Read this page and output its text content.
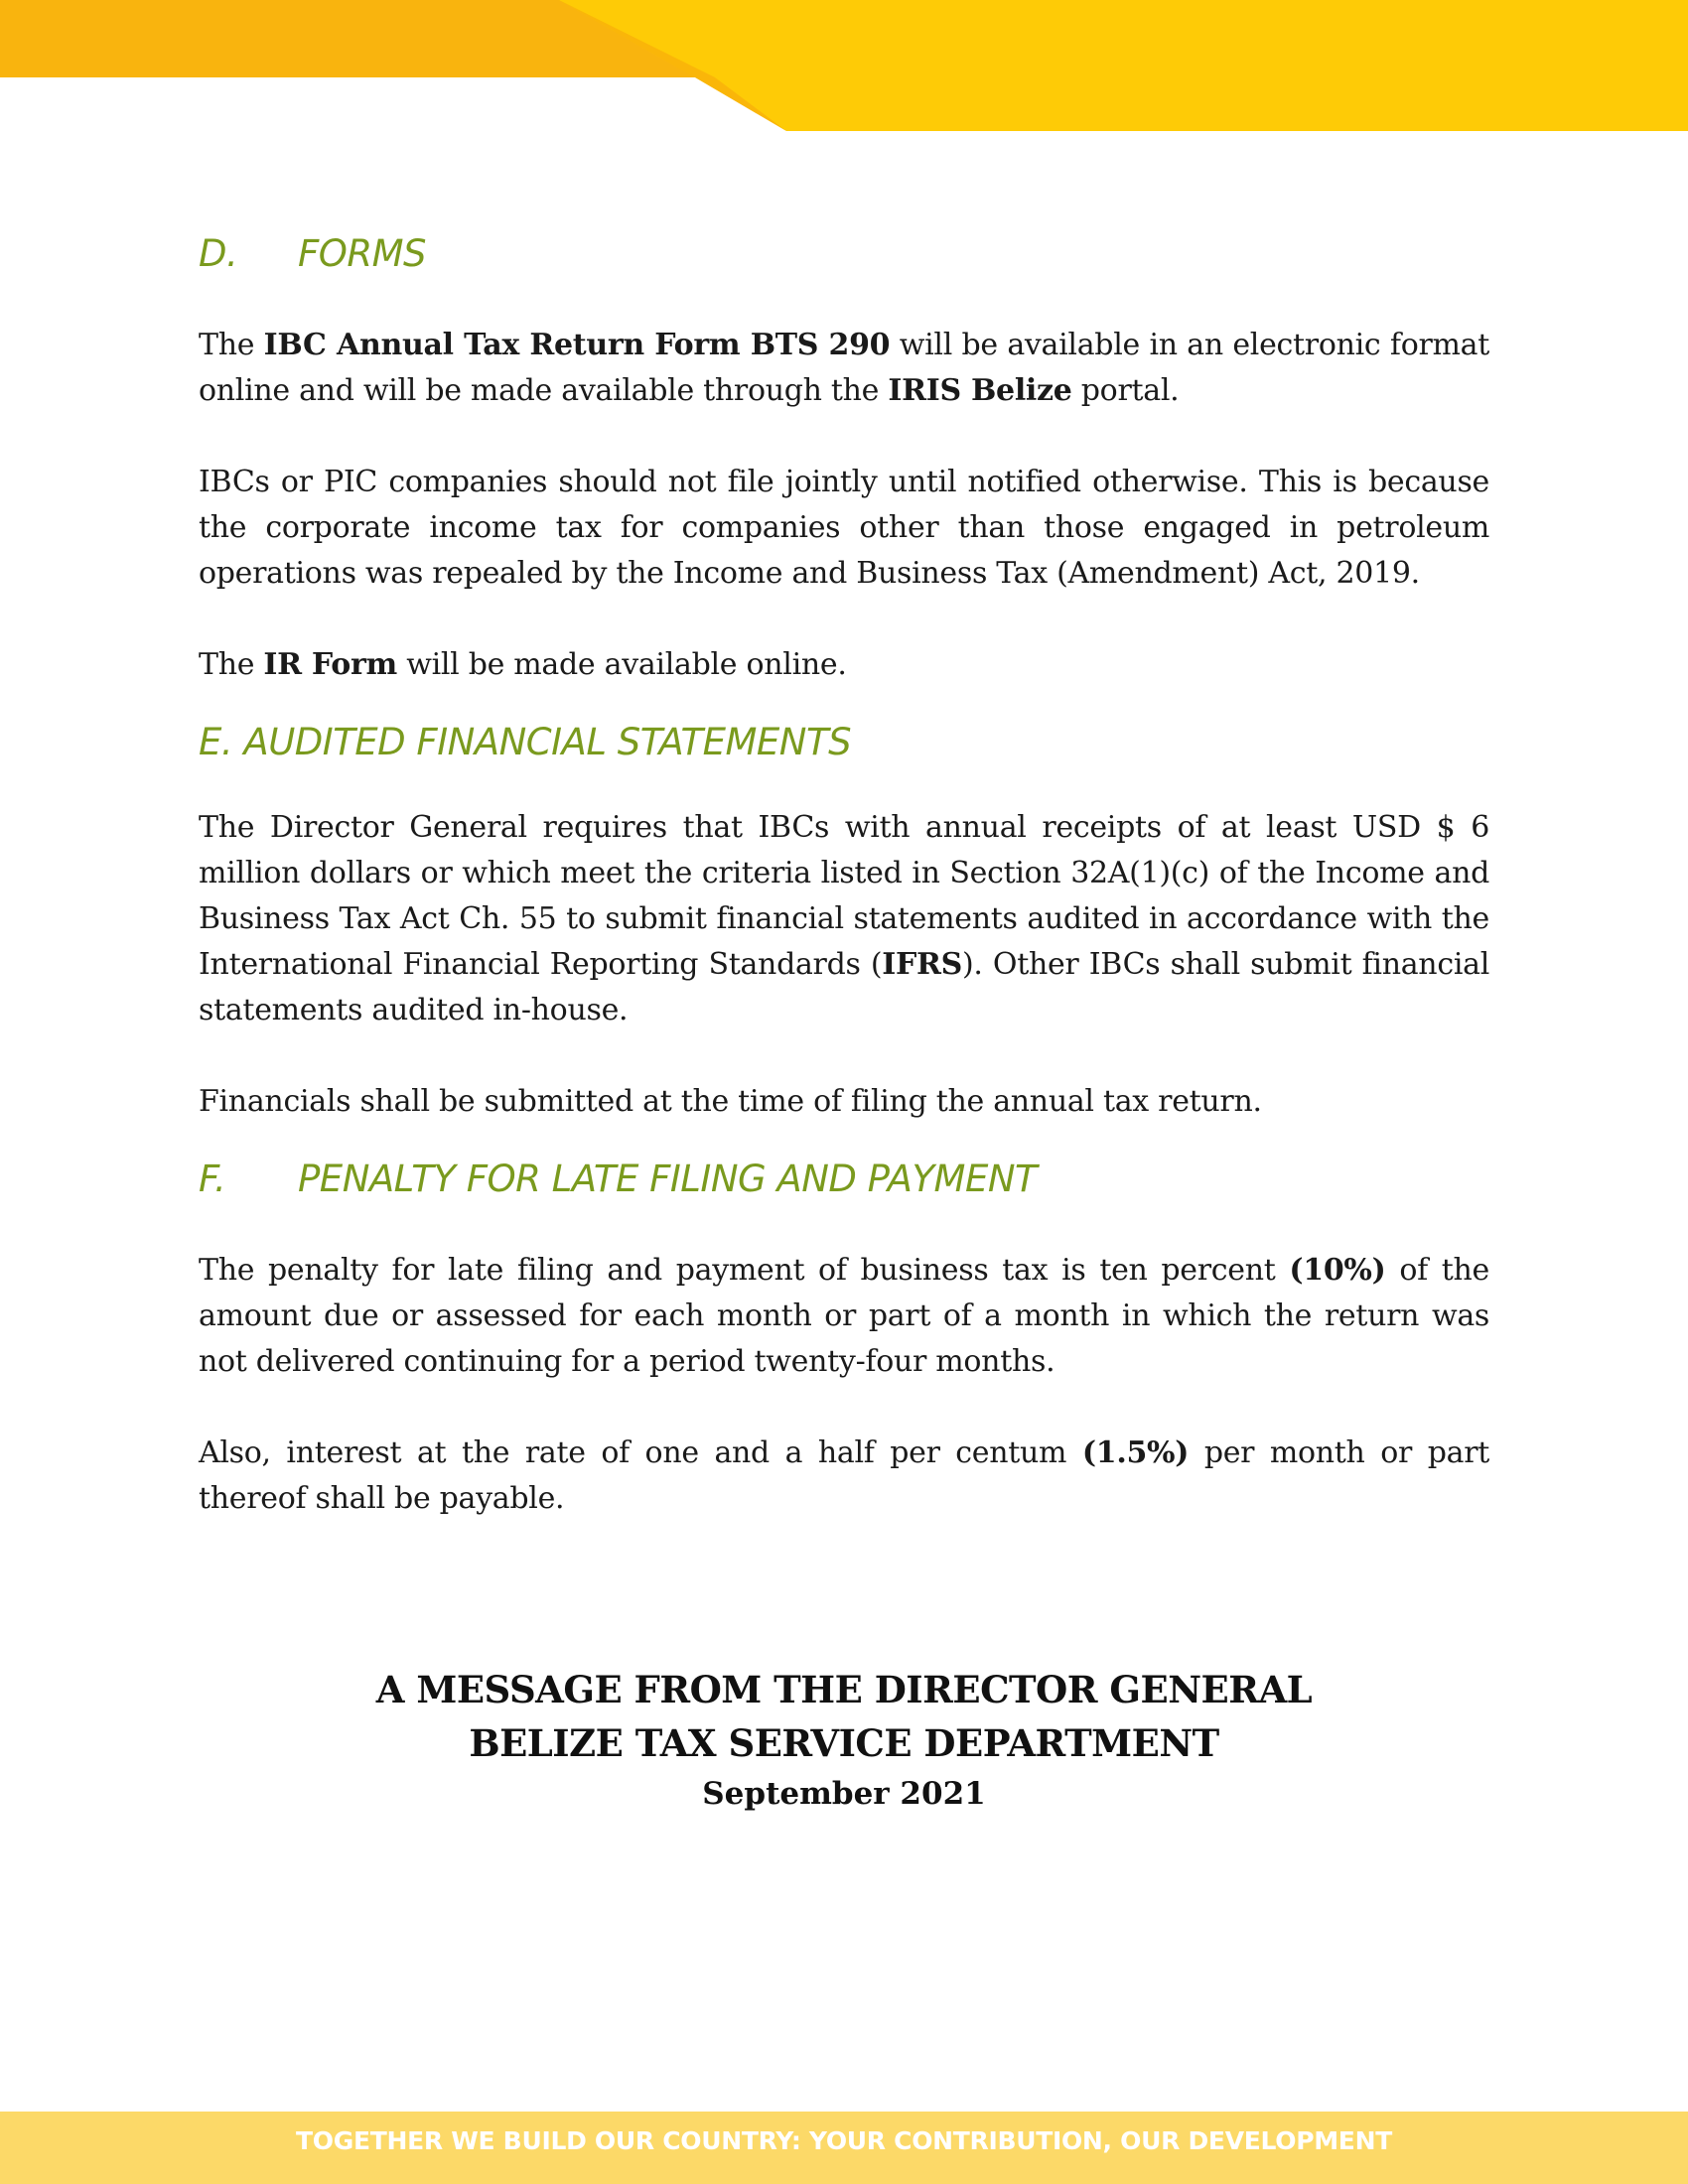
D. FORMS

The IBC Annual Tax Return Form BTS 290 will be available in an electronic format online and will be made available through the IRIS Belize portal.

IBCs or PIC companies should not file jointly until notified otherwise. This is because the corporate income tax for companies other than those engaged in petroleum operations was repealed by the Income and Business Tax (Amendment) Act, 2019.

The IR Form will be made available online.

E. AUDITED FINANCIAL STATEMENTS

The Director General requires that IBCs with annual receipts of at least USD $ 6 million dollars or which meet the criteria listed in Section 32A(1)(c) of the Income and Business Tax Act Ch. 55 to submit financial statements audited in accordance with the International Financial Reporting Standards (IFRS). Other IBCs shall submit financial statements audited in-house.

Financials shall be submitted at the time of filing the annual tax return.

F. PENALTY FOR LATE FILING AND PAYMENT

The penalty for late filing and payment of business tax is ten percent (10%) of the amount due or assessed for each month or part of a month in which the return was not delivered continuing for a period twenty-four months.

Also, interest at the rate of one and a half per centum (1.5%) per month or part thereof shall be payable.

A MESSAGE FROM THE DIRECTOR GENERAL
BELIZE TAX SERVICE DEPARTMENT
September 2021
TOGETHER WE BUILD OUR COUNTRY: YOUR CONTRIBUTION, OUR DEVELOPMENT
